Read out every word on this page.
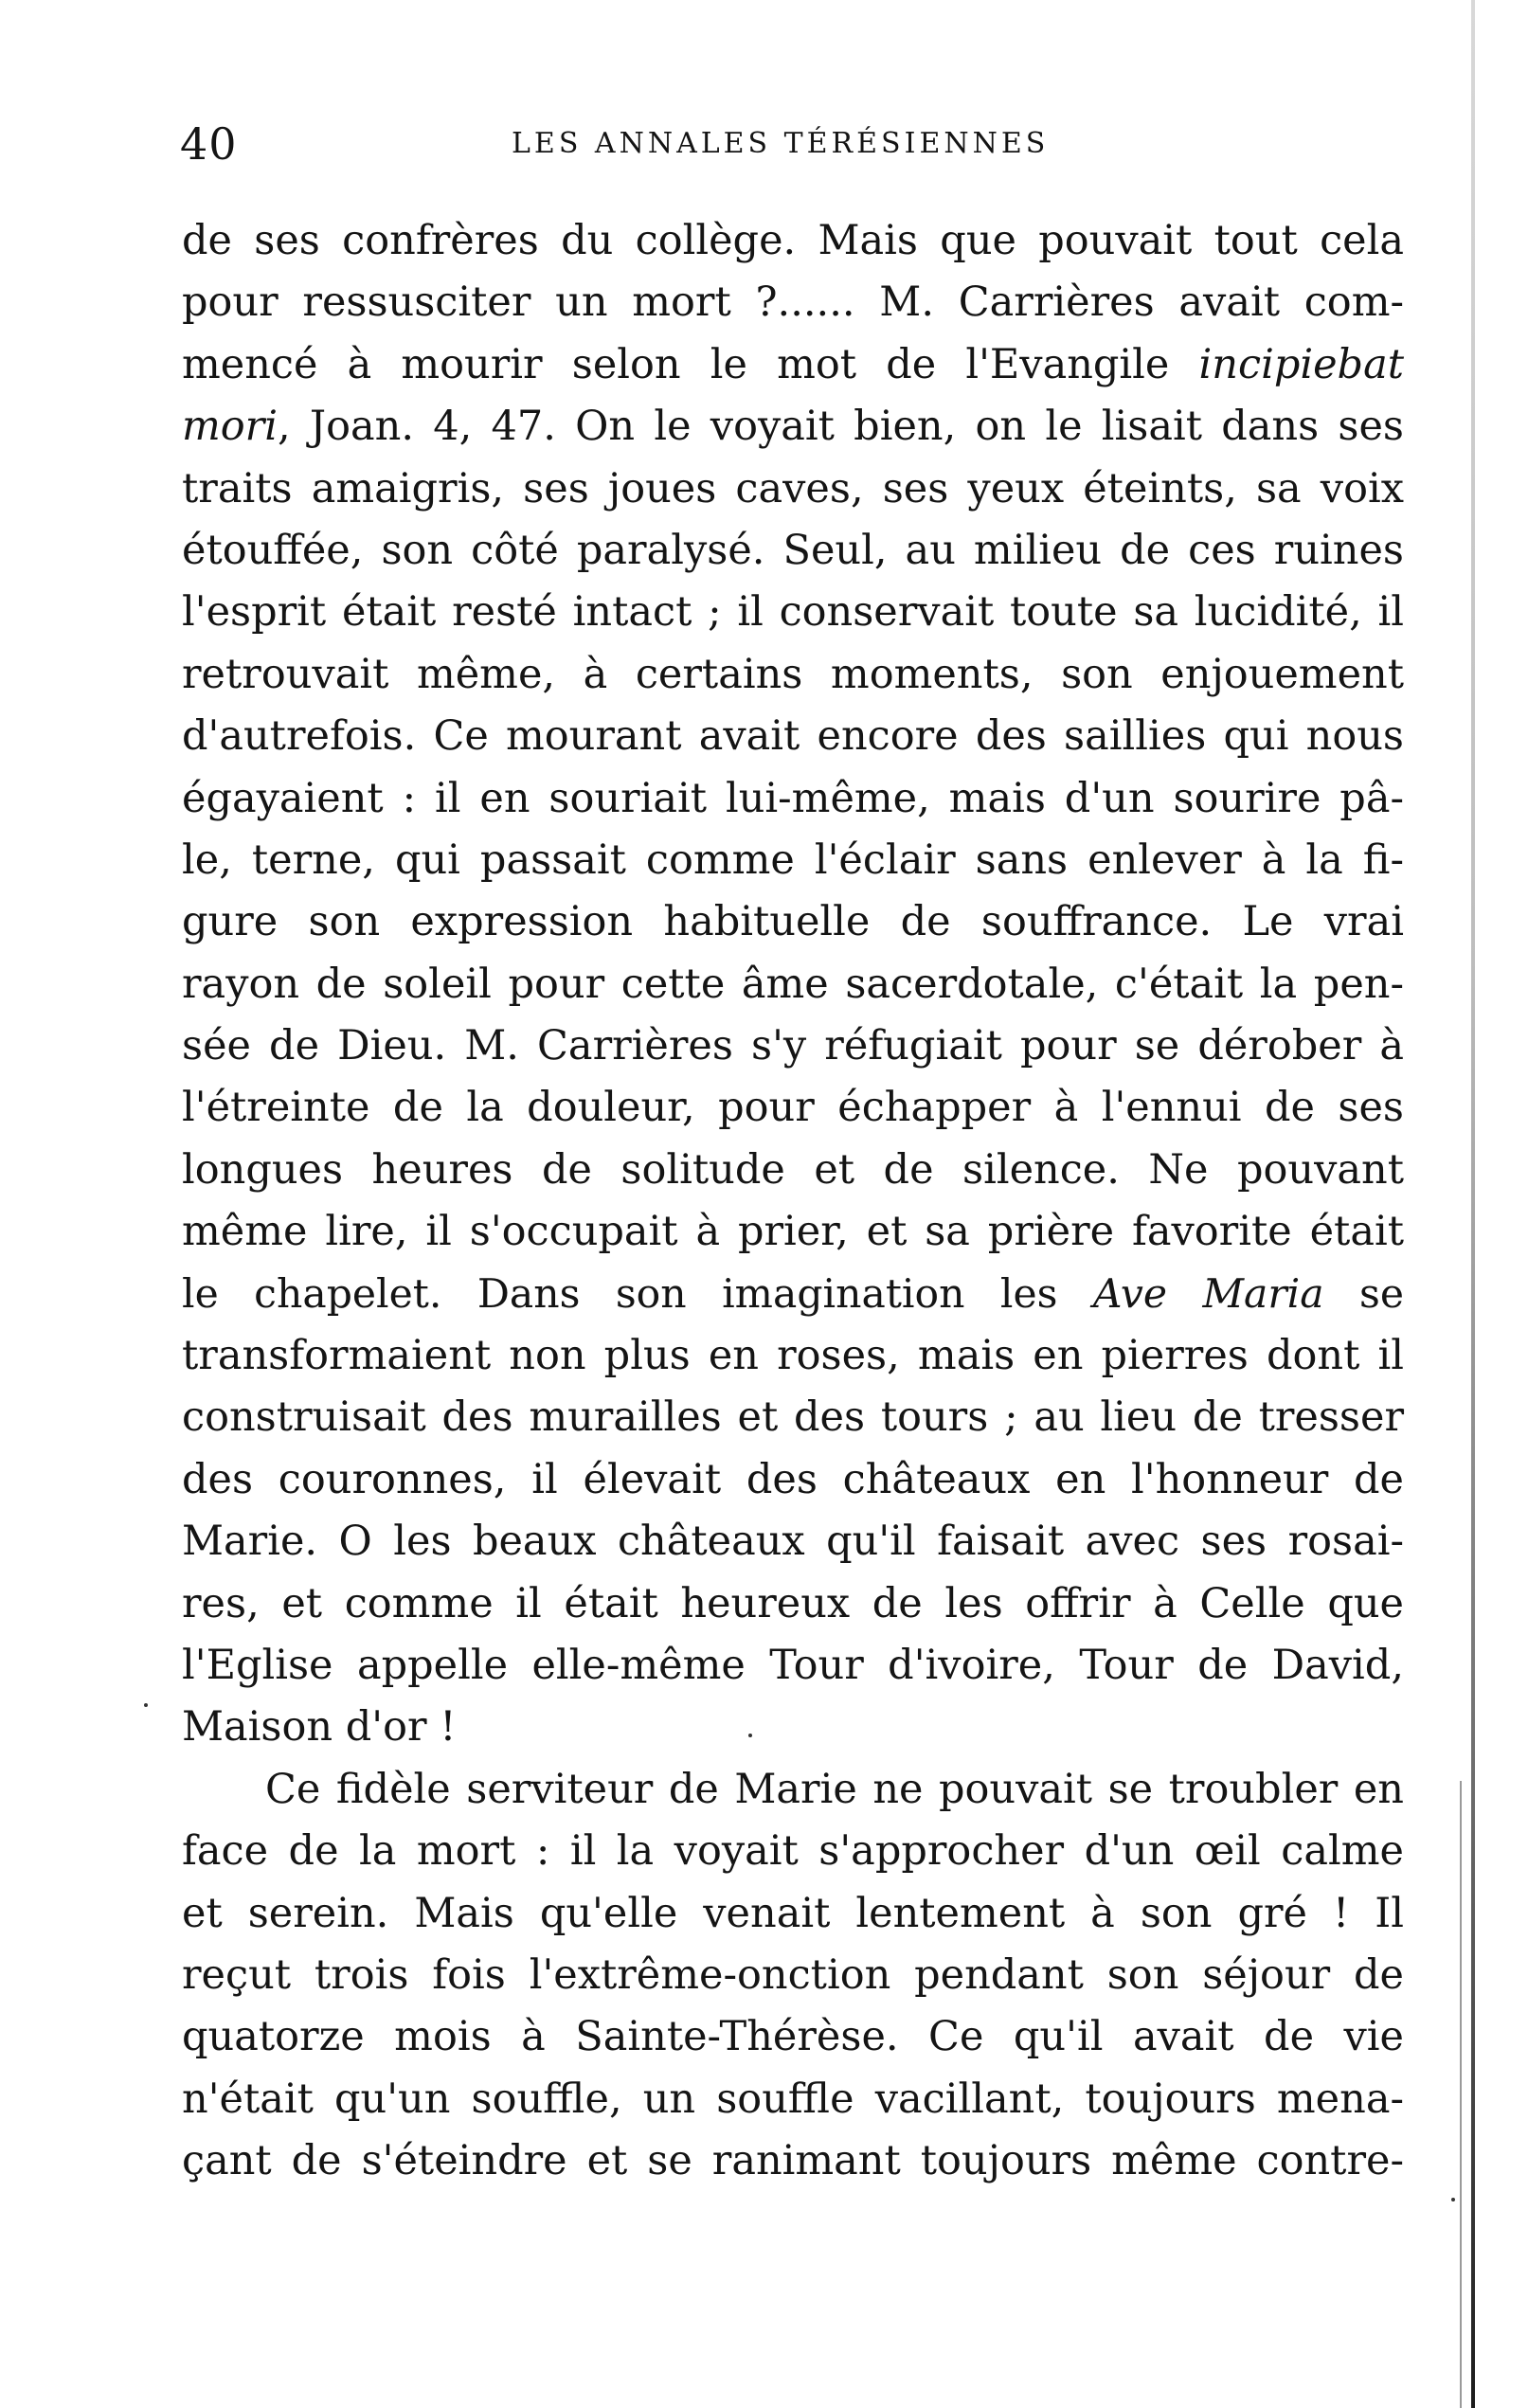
40	LES ANNALES TÉRÉSIENNES
de ses confrères du collège. Mais que pouvait tout cela
pour ressusciter un mort ?...... M. Carrières avait com-
mencé à mourir selon le mot de l'Evangile incipiebat
mori, Joan. 4, 47. On le voyait bien, on le lisait dans ses
traits amaigris, ses joues caves, ses yeux éteints, sa voix
étouffée, son côté paralysé. Seul, au milieu de ces ruines
l'esprit était resté intact ; il conservait toute sa lucidité, il
retrouvait même, à certains moments, son enjouement
d'autrefois. Ce mourant avait encore des saillies qui nous
égayaient : il en souriait lui-même, mais d'un sourire pâ-
le, terne, qui passait comme l'éclair sans enlever à la fi-
gure son expression habituelle de souffrance. Le vrai
rayon de soleil pour cette âme sacerdotale, c'était la pen-
sée de Dieu. M. Carrières s'y réfugiait pour se dérober à
l'étreinte de la douleur, pour échapper à l'ennui de ses
longues heures de solitude et de silence. Ne pouvant
même lire, il s'occupait à prier, et sa prière favorite était
le chapelet. Dans son imagination les Ave Maria se
transformaient non plus en roses, mais en pierres dont il
construisait des murailles et des tours ; au lieu de tresser
des couronnes, il élevait des châteaux en l'honneur de
Marie. O les beaux châteaux qu'il faisait avec ses rosai-
res, et comme il était heureux de les offrir à Celle que
l'Eglise appelle elle-même Tour d'ivoire, Tour de David,
Maison d'or !
Ce fidèle serviteur de Marie ne pouvait se troubler en
face de la mort : il la voyait s'approcher d'un œil calme
et serein. Mais qu'elle venait lentement à son gré ! Il
reçut trois fois l'extrême-onction pendant son séjour de
quatorze mois à Sainte-Thérèse. Ce qu'il avait de vie
n'était qu'un souffle, un souffle vacillant, toujours mena-
çant de s'éteindre et se ranimant toujours même contre-
